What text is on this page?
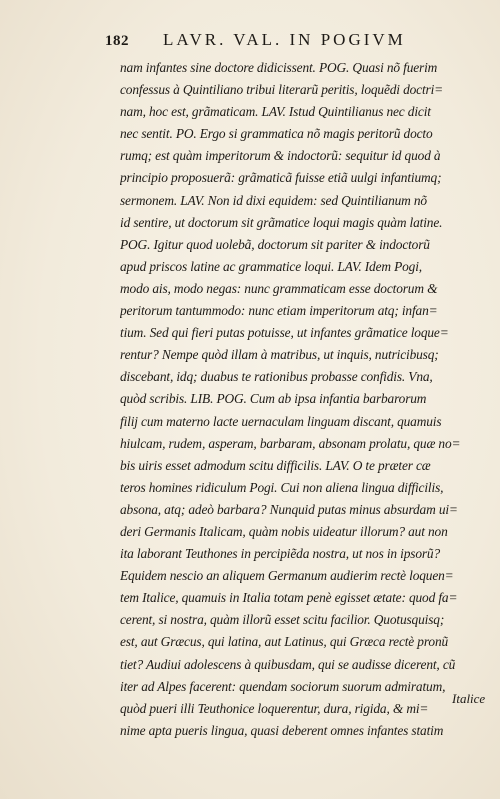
182	LAVR. VAL. IN POGIVM
nam infantes sine doctore didicissent. POG. Quasi nõ fuerim
confessus à Quintiliano tribui literarũ peritis, loquẽdi doctri=
nam, hoc est, grãmaticam. LAV. Istud Quintilianus nec dicit
nec sentit. PO. Ergo si grammatica nõ magis peritorũ docto
rumq; est quàm imperitorum & indoctorũ: sequitur id quod à
principio proposuerã: grãmaticã fuisse etiã uulgi infantiumq;
sermonem. LAV. Non id dixi equidem: sed Quintilianum nõ
id sentire, ut doctorum sit grãmatice loqui magis quàm latine.
POG. Igitur quod uolebã, doctorum sit pariter & indoctorũ
apud priscos latine ac grammatice loqui. LAV. Idem Pogi,
modo ais, modo negas: nunc grammaticam esse doctorum &
peritorum tantummodo: nunc etiam imperitorum atq; infan=
tium. Sed qui fieri putas potuisse, ut infantes grãmatice loque=
rentur? Nempe quòd illam à matribus, ut inquis, nutricibusq;
discebant, idq; duabus te rationibus probasse confidis. Vna,
quòd scribis. LIB. POG. Cum ab ipsa infantia barbarorum
filij cum materno lacte uernaculam linguam discant, quamuis
hiulcam, rudem, asperam, barbaram, absonam prolatu, quæ no=
bis uiris esset admodum scitu difficilis. LAV. O te præter cæ
teros homines ridiculum Pogi. Cui non aliena lingua difficilis,
absona, atq; adeò barbara? Nunquid putas minus absurdam ui=
deri Germanis Italicam, quàm nobis uideatur illorum? aut non
ita laborant Teuthones in percipiẽda nostra, ut nos in ipsorũ?
Equidem nescio an aliquem Germanum audierim rectè loquen=
tem Italice, quamuis in Italia totam penè egisset ætate: quod fa=
cerent, si nostra, quàm illorũ esset scitu facilior. Quotusquisq;
est, aut Græcus, qui latina, aut Latinus, qui Græca rectè pronũ
tiet? Audiui adolescens à quibusdam, qui se audisse dicerent, cũ
iter ad Alpes facerent: quendam sociorum suorum admiratum,
quòd pueri illi Teuthonice loquerentur, dura, rigida, & mi=
nime apta pueris lingua, quasi deberent omnes infantes statim
Italice
